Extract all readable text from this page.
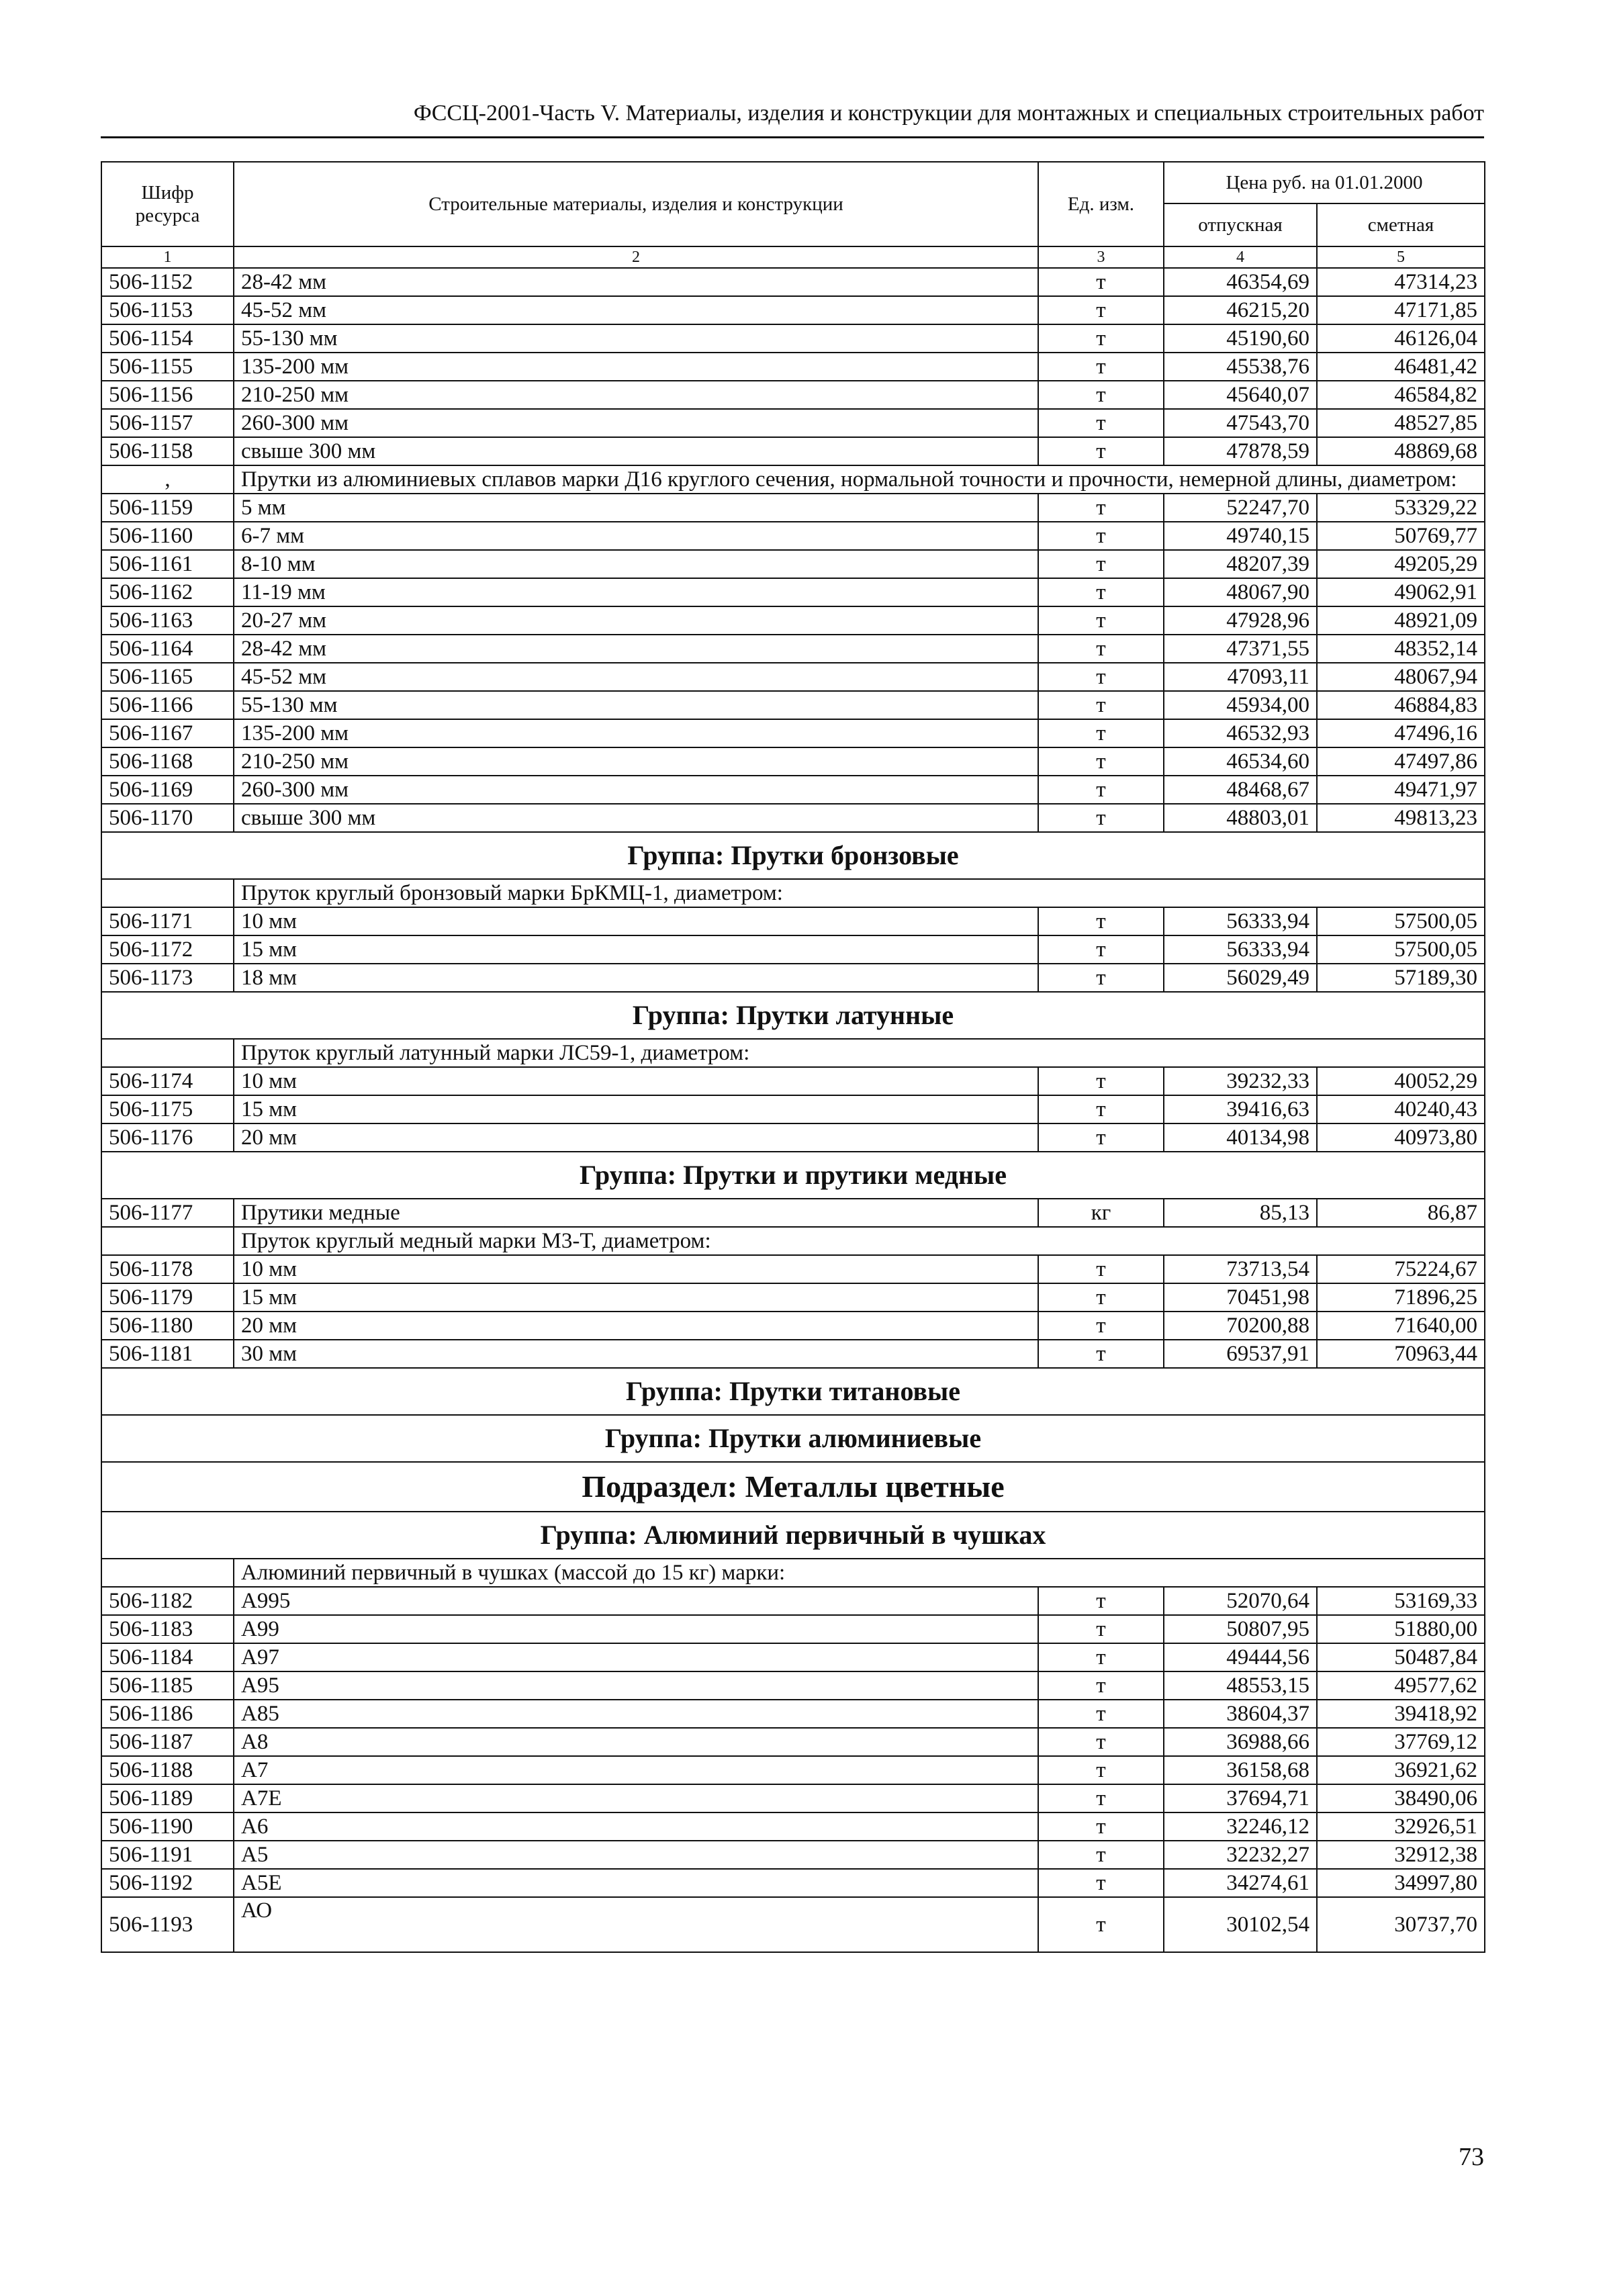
ФССЦ-2001-Часть V. Материалы, изделия и конструкции для монтажных и специальных строительных работ
Шифр ресурса	Строительные материалы, изделия и конструкции	Ед. изм.	Цена руб. на 01.01.2000	
			отпускная	сметная
1	2	3	4	5
506-1152	28-42 мм	т	46354,69	47314,23
506-1153	45-52 мм	т	46215,20	47171,85
506-1154	55-130 мм	т	45190,60	46126,04
506-1155	135-200 мм	т	45538,76	46481,42
506-1156	210-250 мм	т	45640,07	46584,82
506-1157	260-300 мм	т	47543,70	48527,85
506-1158	свыше 300 мм	т	47878,59	48869,68
,	Прутки из алюминиевых сплавов марки Д16 круглого сечения, нормальной точности и прочности, немерной длины, диаметром:			
506-1159	5 мм	т	52247,70	53329,22
506-1160	6-7 мм	т	49740,15	50769,77
506-1161	8-10 мм	т	48207,39	49205,29
506-1162	11-19 мм	т	48067,90	49062,91
506-1163	20-27 мм	т	47928,96	48921,09
506-1164	28-42 мм	т	47371,55	48352,14
506-1165	45-52 мм	т	47093,11	48067,94
506-1166	55-130 мм	т	45934,00	46884,83
506-1167	135-200 мм	т	46532,93	47496,16
506-1168	210-250 мм	т	46534,60	47497,86
506-1169	260-300 мм	т	48468,67	49471,97
506-1170	свыше 300 мм	т	48803,01	49813,23
Группа: Прутки бронзовые				
	Пруток круглый бронзовый марки БрКМЦ-1, диаметром:			
506-1171	10 мм	т	56333,94	57500,05
506-1172	15 мм	т	56333,94	57500,05
506-1173	18 мм	т	56029,49	57189,30
Группа: Прутки латунные				
	Пруток круглый латунный марки ЛС59-1, диаметром:			
506-1174	10 мм	т	39232,33	40052,29
506-1175	15 мм	т	39416,63	40240,43
506-1176	20 мм	т	40134,98	40973,80
Группа: Прутки и прутики медные				
506-1177	Прутики медные	кг	85,13	86,87
	Пруток круглый медный марки М3-Т, диаметром:			
506-1178	10 мм	т	73713,54	75224,67
506-1179	15 мм	т	70451,98	71896,25
506-1180	20 мм	т	70200,88	71640,00
506-1181	30 мм	т	69537,91	70963,44
Группа: Прутки титановые				
Группа: Прутки алюминиевые				
Подраздел: Металлы цветные				
Группа: Алюминий первичный в чушках				
	Алюминий первичный в чушках (массой до 15 кг) марки:			
506-1182	А995	т	52070,64	53169,33
506-1183	А99	т	50807,95	51880,00
506-1184	А97	т	49444,56	50487,84
506-1185	А95	т	48553,15	49577,62
506-1186	А85	т	38604,37	39418,92
506-1187	А8	т	36988,66	37769,12
506-1188	А7	т	36158,68	36921,62
506-1189	А7Е	т	37694,71	38490,06
506-1190	А6	т	32246,12	32926,51
506-1191	А5	т	32232,27	32912,38
506-1192	А5Е	т	34274,61	34997,80
506-1193	АО	т	30102,54	30737,70
73
